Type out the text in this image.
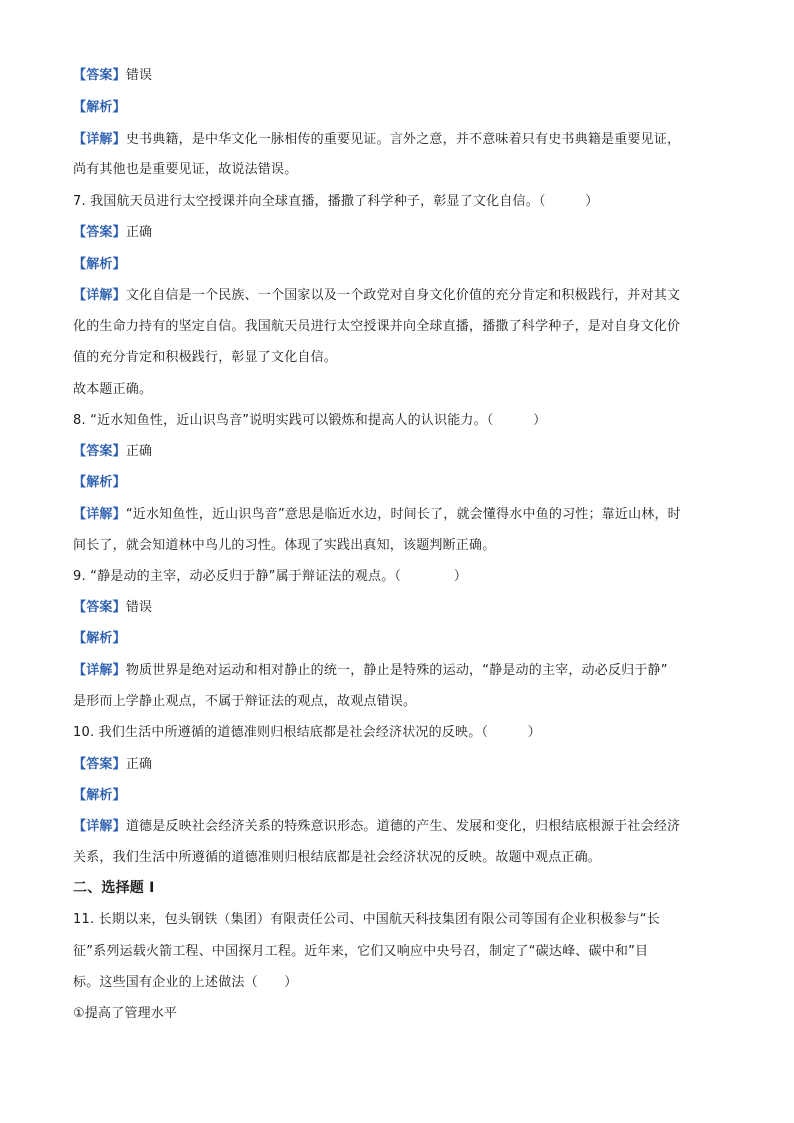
【答案】错误
【解析】
【详解】史书典籍，是中华文化一脉相传的重要见证。言外之意，并不意味着只有史书典籍是重要见证，
尚有其他也是重要见证，故说法错误。
7. 我国航天员进行太空授课并向全球直播，播撒了科学种子，彰显了文化自信。（　　　）
【答案】正确
【解析】
【详解】文化自信是一个民族、一个国家以及一个政党对自身文化价值的充分肯定和积极践行，并对其文
化的生命力持有的坚定自信。我国航天员进行太空授课并向全球直播，播撒了科学种子，是对自身文化价
值的充分肯定和积极践行，彰显了文化自信。
故本题正确。
8. “近水知鱼性，近山识鸟音”说明实践可以锻炼和提高人的认识能力。（　　　）
【答案】正确
【解析】
【详解】“近水知鱼性，近山识鸟音”意思是临近水边，时间长了，就会懂得水中鱼的习性；靠近山林，时
间长了，就会知道林中鸟儿的习性。体现了实践出真知，该题判断正确。
9. “静是动的主宰，动必反归于静”属于辩证法的观点。（　　　　）
【答案】错误
【解析】
【详解】物质世界是绝对运动和相对静止的统一，静止是特殊的运动，“静是动的主宰，动必反归于静”
是形而上学静止观点，不属于辩证法的观点，故观点错误。
10. 我们生活中所遵循的道德准则归根结底都是社会经济状况的反映。（　　　）
【答案】正确
【解析】
【详解】道德是反映社会经济关系的特殊意识形态。道德的产生、发展和变化，归根结底根源于社会经济
关系，我们生活中所遵循的道德准则归根结底都是社会经济状况的反映。故题中观点正确。
二、选择题 I
11. 长期以来，包头钢铁（集团）有限责任公司、中国航天科技集团有限公司等国有企业积极参与“长
征”系列运载火箭工程、中国探月工程。近年来，它们又响应中央号召，制定了“碳达峰、碳中和”目
标。这些国有企业的上述做法（　　）
①提高了管理水平
